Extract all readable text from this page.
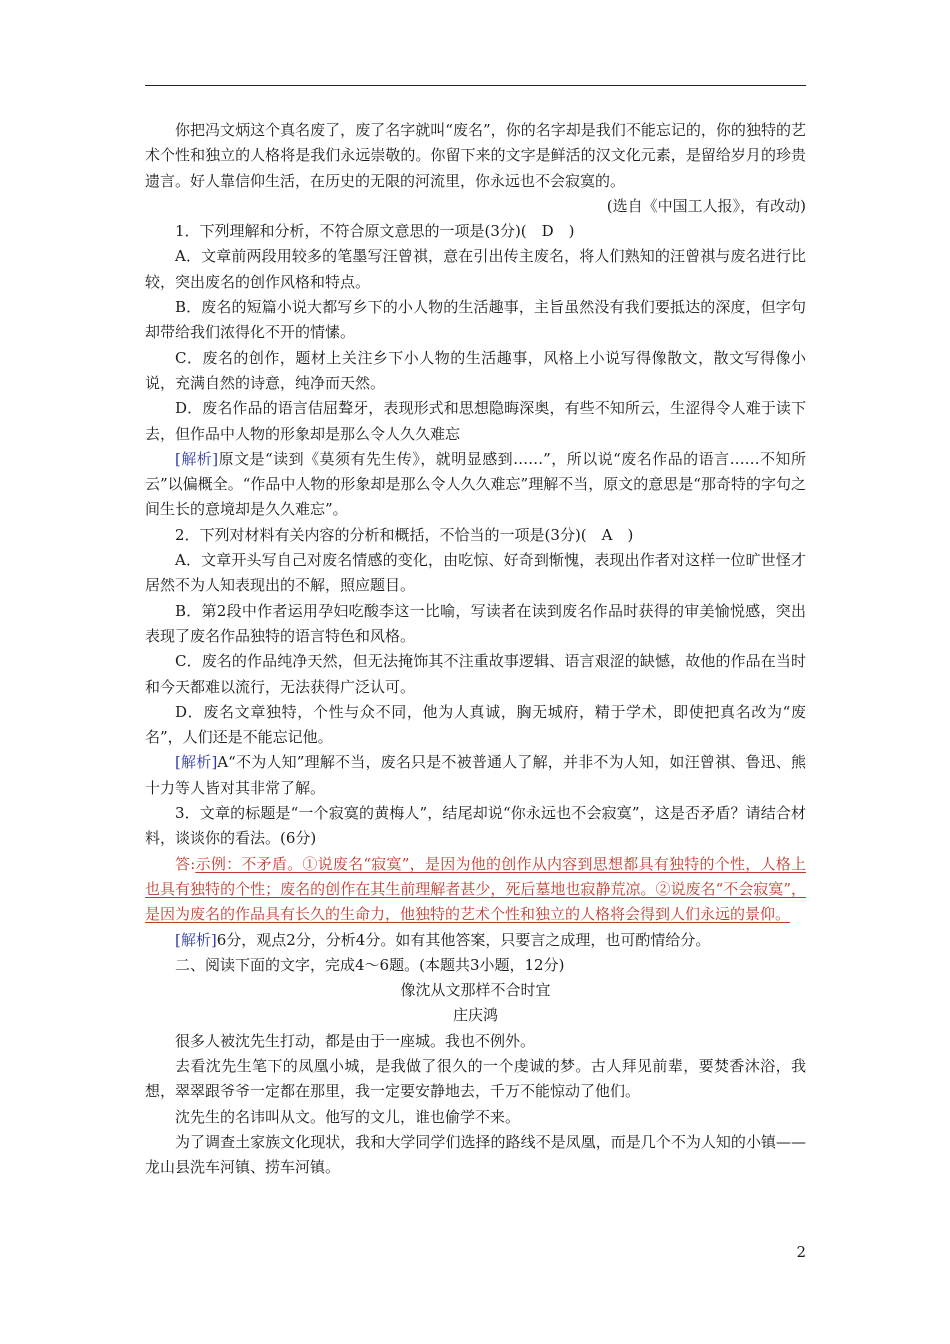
你把冯文炳这个真名废了，废了名字就叫“废名”，你的名字却是我们不能忘记的，你的独特的艺术个性和独立的人格将是我们永远崇敬的。你留下来的文字是鲜活的汉文化元素，是留给岁月的珍贵遗言。好人靠信仰生活，在历史的无限的河流里，你永远也不会寂寞的。

(选自《中国工人报》，有改动)

1．下列理解和分析，不符合原文意思的一项是(3分)(　D　)

A．文章前两段用较多的笔墨写汪曾祺，意在引出传主废名，将人们熟知的汪曾祺与废名进行比较，突出废名的创作风格和特点。

B．废名的短篇小说大都写乡下的小人物的生活趣事，主旨虽然没有我们要抵达的深度，但字句却带给我们浓得化不开的情愫。

C．废名的创作，题材上关注乡下小人物的生活趣事，风格上小说写得像散文，散文写得像小说，充满自然的诗意，纯净而天然。

D．废名作品的语言佶屈聱牙，表现形式和思想隐晦深奥，有些不知所云，生涩得令人难于读下去，但作品中人物的形象却是那么令人久久难忘

[解析]原文是“读到《莫须有先生传》，就明显感到……”，所以说“废名作品的语言……不知所云”以偏概全。“作品中人物的形象却是那么令人久久难忘”理解不当，原文的意思是“那奇特的字句之间生长的意境却是久久难忘”。

2．下列对材料有关内容的分析和概括，不恰当的一项是(3分)(　A　)

A．文章开头写自己对废名情感的变化，由吃惊、好奇到惭愧，表现出作者对这样一位旷世怪才居然不为人知表现出的不解，照应题目。

B．第2段中作者运用孕妇吃酸李这一比喻，写读者在读到废名作品时获得的审美愉悦感，突出表现了废名作品独特的语言特色和风格。

C．废名的作品纯净天然，但无法掩饰其不注重故事逻辑、语言艰涩的缺憾，故他的作品在当时和今天都难以流行，无法获得广泛认可。

D．废名文章独特，个性与众不同，他为人真诚，胸无城府，精于学术，即使把真名改为“废名”，人们还是不能忘记他。

[解析]A“不为人知”理解不当，废名只是不被普通人了解，并非不为人知，如汪曾祺、鲁迅、熊十力等人皆对其非常了解。

3．文章的标题是“一个寂寞的黄梅人”，结尾却说“你永远也不会寂寞”，这是否矛盾？请结合材料，谈谈你的看法。(6分)

答:示例：不矛盾。①说废名“寂寞”，是因为他的创作从内容到思想都具有独特的个性，人格上也具有独特的个性；废名的创作在其生前理解者甚少，死后墓地也寂静荒凉。②说废名“不会寂寞”，是因为废名的作品具有长久的生命力，他独特的艺术个性和独立的人格将会得到人们永远的景仰。

[解析]6分，观点2分，分析4分。如有其他答案，只要言之成理，也可酌情给分。

二、阅读下面的文字，完成4～6题。(本题共3小题，12分)

像沈从文那样不合时宜

庄庆鸿

很多人被沈先生打动，都是由于一座城。我也不例外。

去看沈先生笔下的凤凰小城，是我做了很久的一个虔诚的梦。古人拜见前辈，要焚香沐浴，我想，翠翠跟爷爷一定都在那里，我一定要安静地去，千万不能惊动了他们。

沈先生的名讳叫从文。他写的文儿，谁也偷学不来。

为了调查土家族文化现状，我和大学同学们选择的路线不是凤凰，而是几个不为人知的小镇——龙山县洗车河镇、捞车河镇。

2
